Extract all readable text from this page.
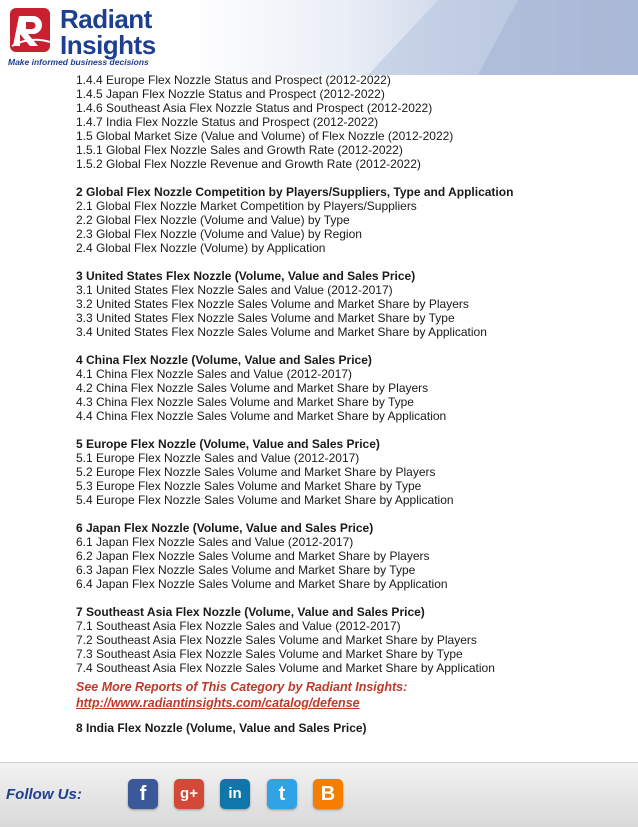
Radiant
Insights
Make informed business decisions
1.4.4 Europe Flex Nozzle Status and Prospect (2012-2022)
1.4.5 Japan Flex Nozzle Status and Prospect (2012-2022)
1.4.6 Southeast Asia Flex Nozzle Status and Prospect (2012-2022)
1.4.7 India Flex Nozzle Status and Prospect (2012-2022)
1.5 Global Market Size (Value and Volume) of Flex Nozzle (2012-2022)
1.5.1 Global Flex Nozzle Sales and Growth Rate (2012-2022)
1.5.2 Global Flex Nozzle Revenue and Growth Rate (2012-2022)
2 Global Flex Nozzle Competition by Players/Suppliers, Type and Application
2.1 Global Flex Nozzle Market Competition by Players/Suppliers
2.2 Global Flex Nozzle (Volume and Value) by Type
2.3 Global Flex Nozzle (Volume and Value) by Region
2.4 Global Flex Nozzle (Volume) by Application
3 United States Flex Nozzle (Volume, Value and Sales Price)
3.1 United States Flex Nozzle Sales and Value (2012-2017)
3.2 United States Flex Nozzle Sales Volume and Market Share by Players
3.3 United States Flex Nozzle Sales Volume and Market Share by Type
3.4 United States Flex Nozzle Sales Volume and Market Share by Application
4 China Flex Nozzle (Volume, Value and Sales Price)
4.1 China Flex Nozzle Sales and Value (2012-2017)
4.2 China Flex Nozzle Sales Volume and Market Share by Players
4.3 China Flex Nozzle Sales Volume and Market Share by Type
4.4 China Flex Nozzle Sales Volume and Market Share by Application
5 Europe Flex Nozzle (Volume, Value and Sales Price)
5.1 Europe Flex Nozzle Sales and Value (2012-2017)
5.2 Europe Flex Nozzle Sales Volume and Market Share by Players
5.3 Europe Flex Nozzle Sales Volume and Market Share by Type
5.4 Europe Flex Nozzle Sales Volume and Market Share by Application
6 Japan Flex Nozzle (Volume, Value and Sales Price)
6.1 Japan Flex Nozzle Sales and Value (2012-2017)
6.2 Japan Flex Nozzle Sales Volume and Market Share by Players
6.3 Japan Flex Nozzle Sales Volume and Market Share by Type
6.4 Japan Flex Nozzle Sales Volume and Market Share by Application
7 Southeast Asia Flex Nozzle (Volume, Value and Sales Price)
7.1 Southeast Asia Flex Nozzle Sales and Value (2012-2017)
7.2 Southeast Asia Flex Nozzle Sales Volume and Market Share by Players
7.3 Southeast Asia Flex Nozzle Sales Volume and Market Share by Type
7.4 Southeast Asia Flex Nozzle Sales Volume and Market Share by Application
See More Reports of This Category by Radiant Insights:
http://www.radiantinsights.com/catalog/defense
8 India Flex Nozzle (Volume, Value and Sales Price)
Follow Us:	f	g+	in	t	B
